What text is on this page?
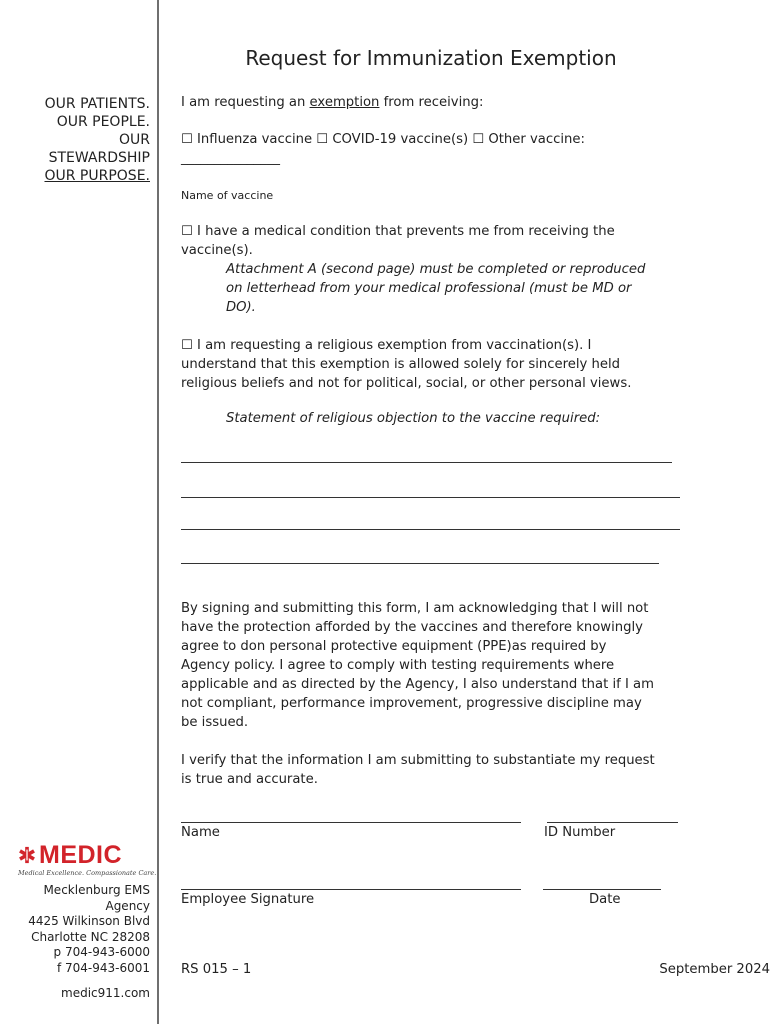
OUR PATIENTS.
OUR PEOPLE.
OUR
STEWARDSHIP
OUR PURPOSE.
MEDIC
Medical Excellence. Compassionate Care.
Mecklenburg EMS
Agency
4425 Wilkinson Blvd
Charlotte NC 28208
p 704-943-6000
f 704-943-6001
medic911.com
Request for Immunization Exemption
I am requesting an exemption from receiving:
☐ Influenza vaccine ☐ COVID-19 vaccine(s) ☐ Other vaccine:
_______________
Name of vaccine
☐ I have a medical condition that prevents me from receiving the
vaccine(s).
Attachment A (second page) must be completed or reproduced
on letterhead from your medical professional (must be MD or
DO).
☐ I am requesting a religious exemption from vaccination(s). I
understand that this exemption is allowed solely for sincerely held
religious beliefs and not for political, social, or other personal views.
Statement of religious objection to the vaccine required:
By signing and submitting this form, I am acknowledging that I will not
have the protection afforded by the vaccines and therefore knowingly
agree to don personal protective equipment (PPE)as required by
Agency policy. I agree to comply with testing requirements where
applicable and as directed by the Agency, I also understand that if I am
not compliant, performance improvement, progressive discipline may
be issued.
I verify that the information I am submitting to substantiate my request
is true and accurate.
Name	ID Number
Employee Signature	Date
RS 015 – 1	September 2024
